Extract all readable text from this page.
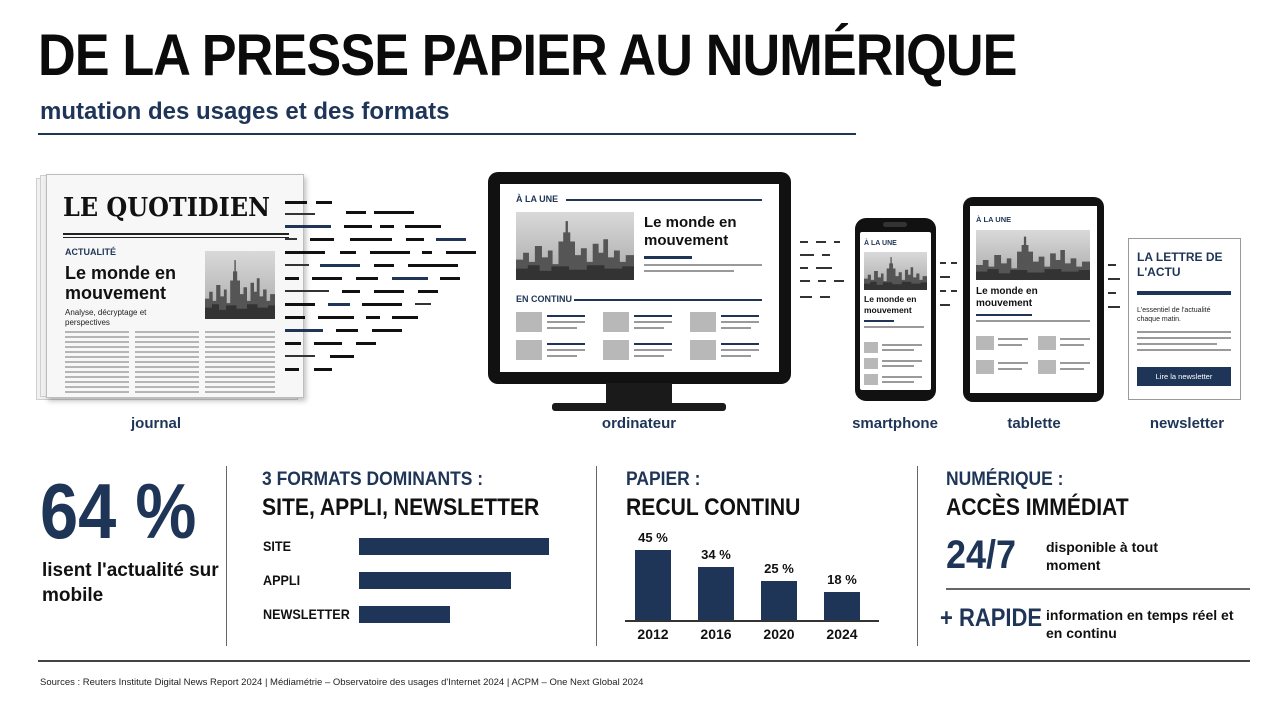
DE LA PRESSE PAPIER AU NUMÉRIQUE
mutation des usages et des formats
LE QUOTIDIEN
ACTUALITÉ
Le monde en mouvement
Analyse, décryptage et perspectives
À LA UNE
Le monde en mouvement
EN CONTINU
À LA UNE
Le monde en mouvement
À LA UNE
Le monde en mouvement
LA LETTRE DE L'ACTU
L'essentiel de l'actualité chaque matin.
Lire la newsletter
journal	ordinateur	smartphone	tablette	newsletter
64 %
lisent l'actualité sur mobile
3 FORMATS DOMINANTS :
SITE, APPLI, NEWSLETTER
SITE
APPLI
NEWSLETTER
PAPIER :
RECUL CONTINU
45 %
2012
34 %
2016
25 %
2020
18 %
2024
NUMÉRIQUE :
ACCÈS IMMÉDIAT
24/7 disponible à tout moment
+ RAPIDE information en temps réel et en continu
Sources : Reuters Institute Digital News Report 2024 | Médiamétrie – Observatoire des usages d'Internet 2024 | ACPM – One Next Global 2024
